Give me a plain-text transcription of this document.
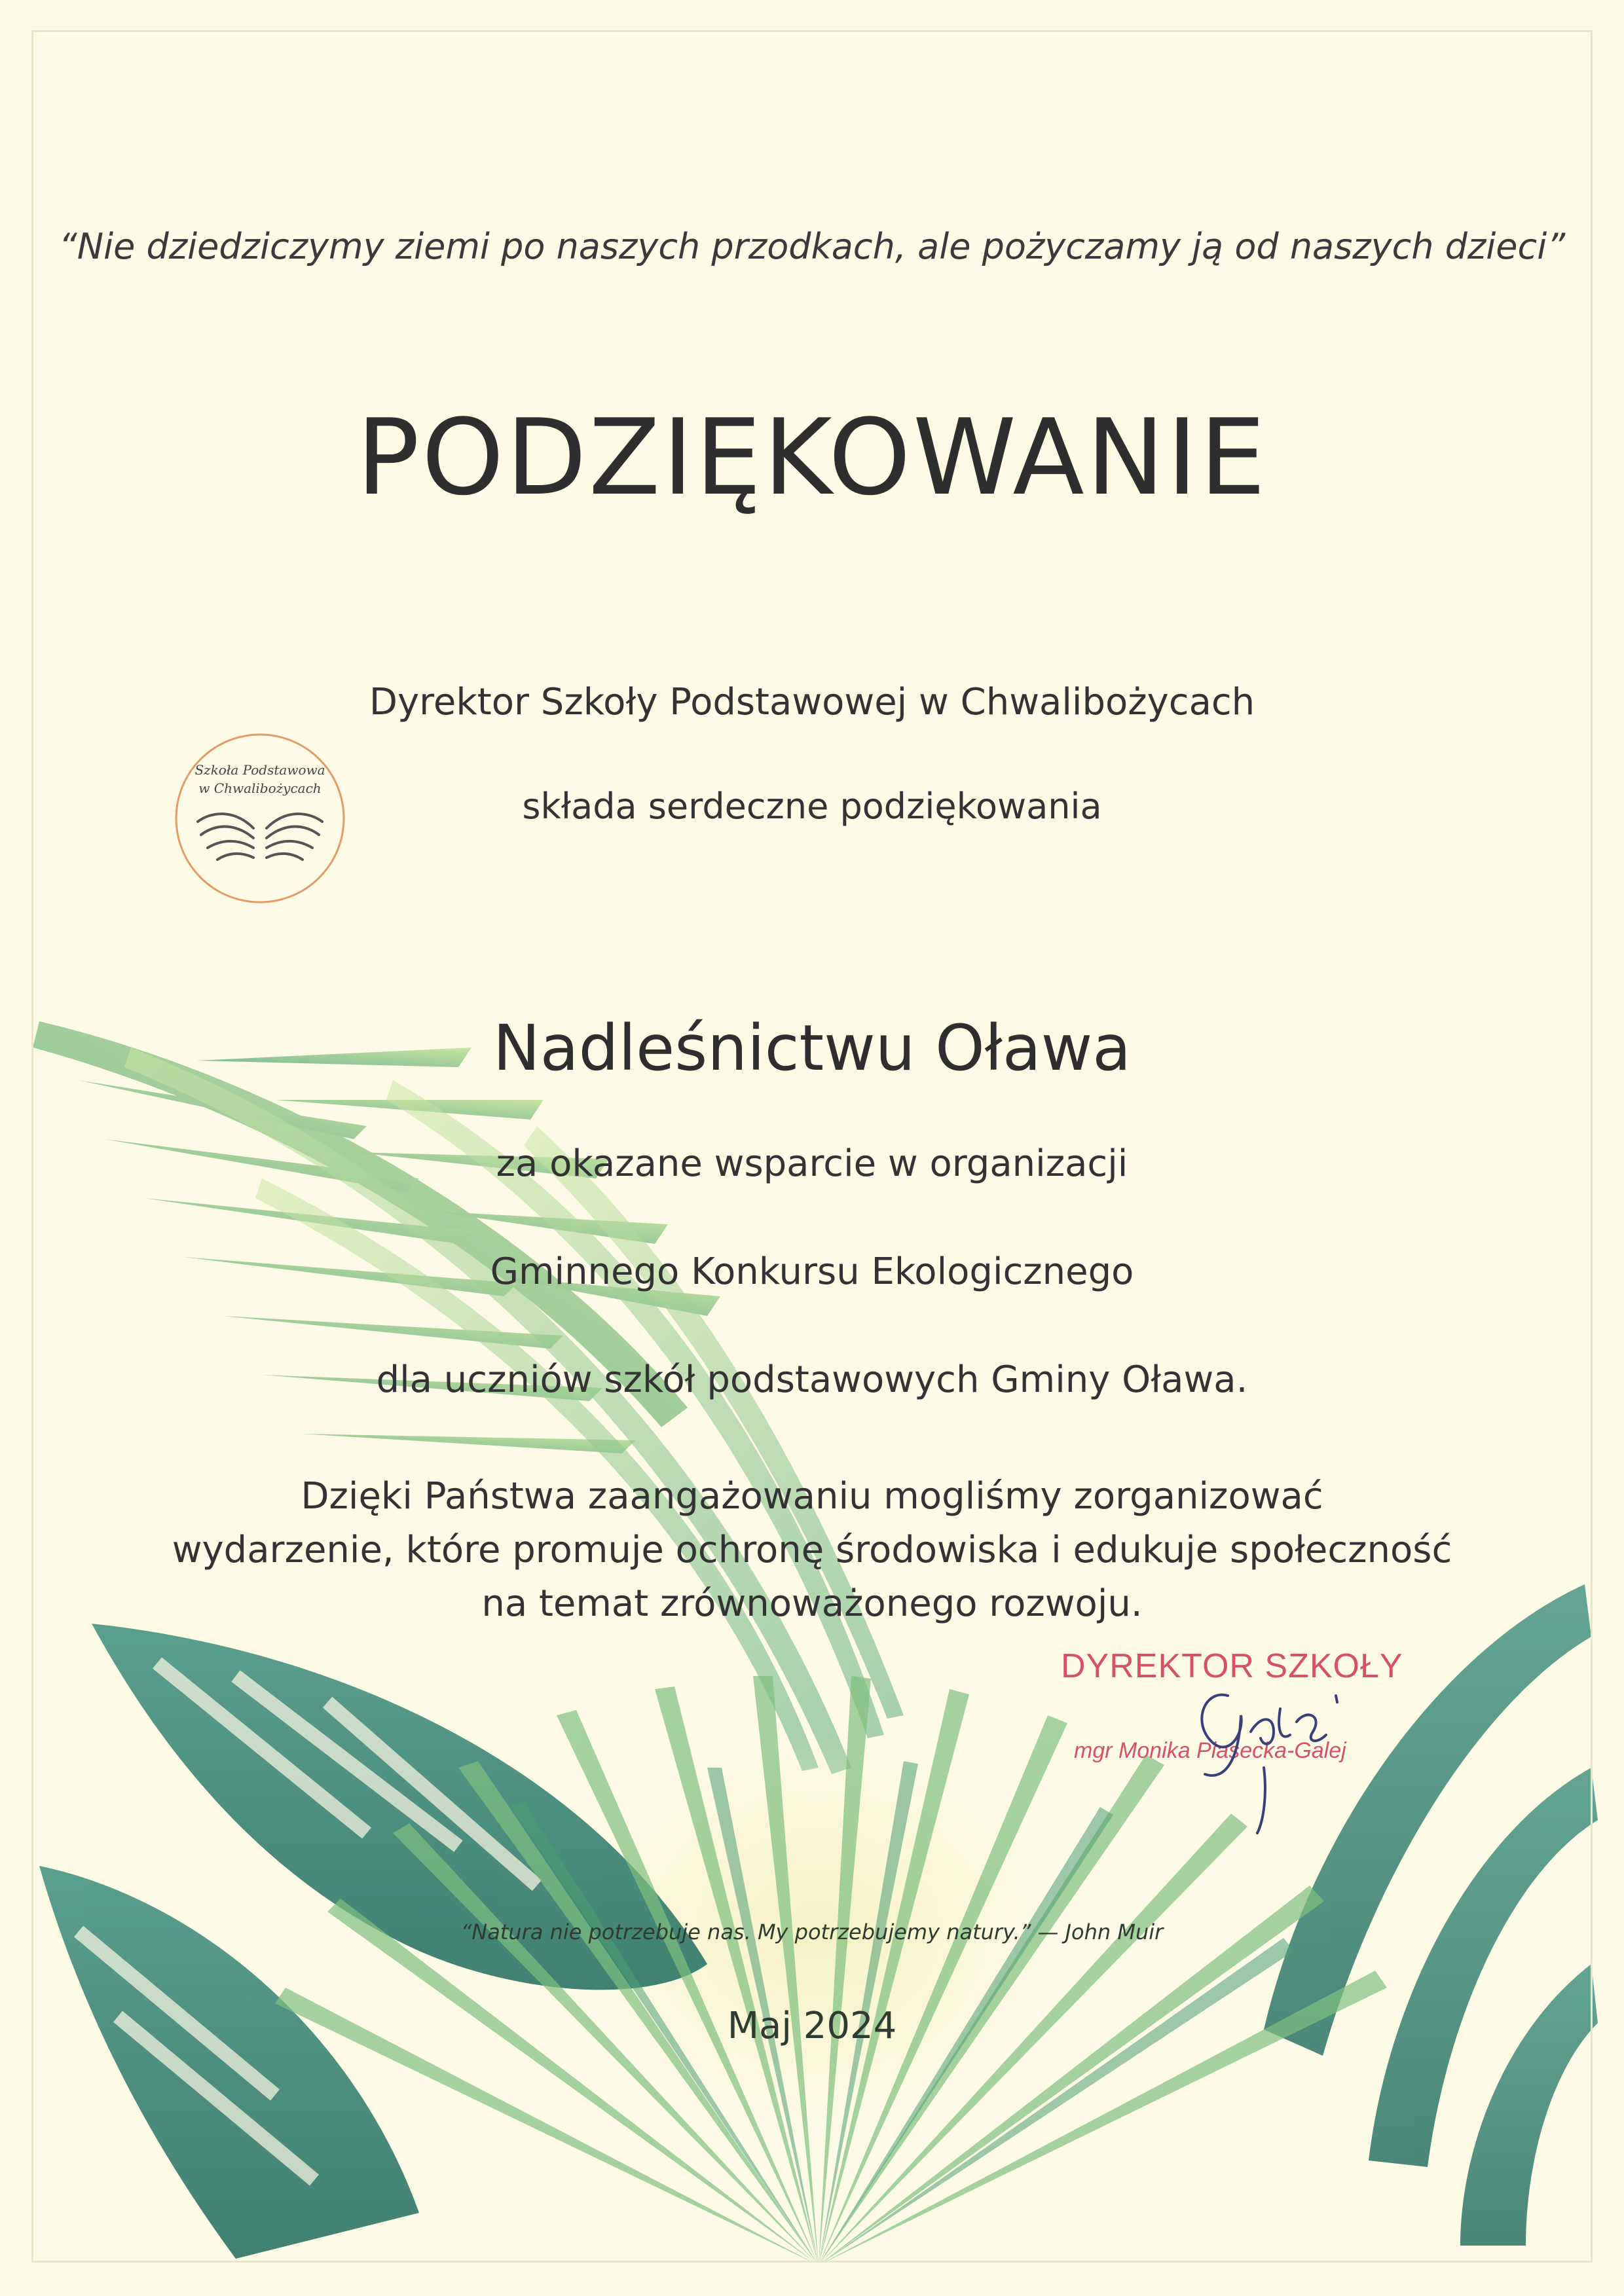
Szkoła Podstawowa
w Chwalibożycach

“Nie dziedziczymy ziemi po naszych przodkach, ale pożyczamy ją od naszych dzieci”

PODZIĘKOWANIE

Dyrektor Szkoły Podstawowej w Chwalibożycach

składa serdeczne podziękowania

Nadleśnictwu Oława

za okazane wsparcie w organizacji

Gminnego Konkursu Ekologicznego

dla uczniów szkół podstawowych Gminy Oława.

Dzięki Państwa zaangażowaniu mogliśmy zorganizować
wydarzenie, które promuje ochronę środowiska i edukuje społeczność
na temat zrównoważonego rozwoju.

DYREKTOR SZKOŁY
mgr Monika Piasecka-Galej

“Natura nie potrzebuje nas. My potrzebujemy natury.” — John Muir

Maj 2024
